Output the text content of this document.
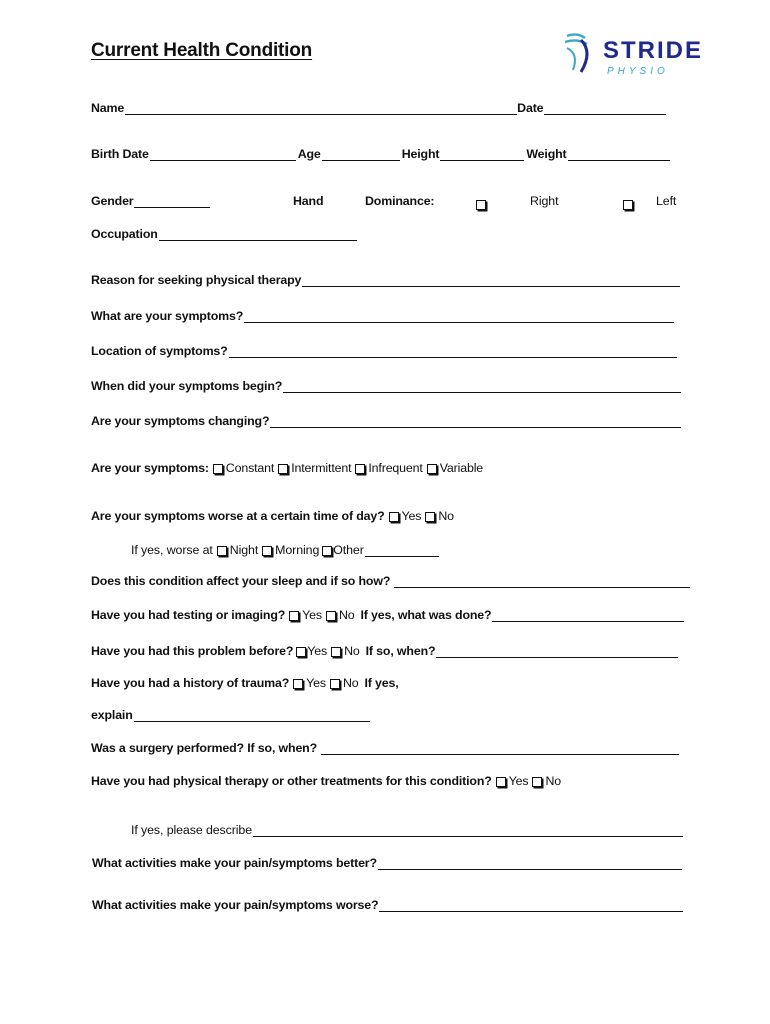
Current Health Condition	STRIDE
PHYSIO
Name	Date
Birth Date	Age	Height	Weight
Gender	Hand	Dominance:
	Right	Left
Occupation
Reason for seeking physical therapy
What are your symptoms?
Location of symptoms?
When did your symptoms begin?
Are your symptoms changing?
Are your symptoms: Constant Intermittent Infrequent Variable
Are your symptoms worse at a certain time of day? Yes No
If yes, worse at Night Morning Other
Does this condition affect your sleep and if so how?
Have you had testing or imaging? Yes No If yes, what was done?
Have you had this problem before? Yes No If so, when?
Have you had a history of trauma? Yes No If yes,
explain
Was a surgery performed? If so, when?
Have you had physical therapy or other treatments for this condition? Yes No
If yes, please describe
What activities make your pain/symptoms better?
What activities make your pain/symptoms worse?
